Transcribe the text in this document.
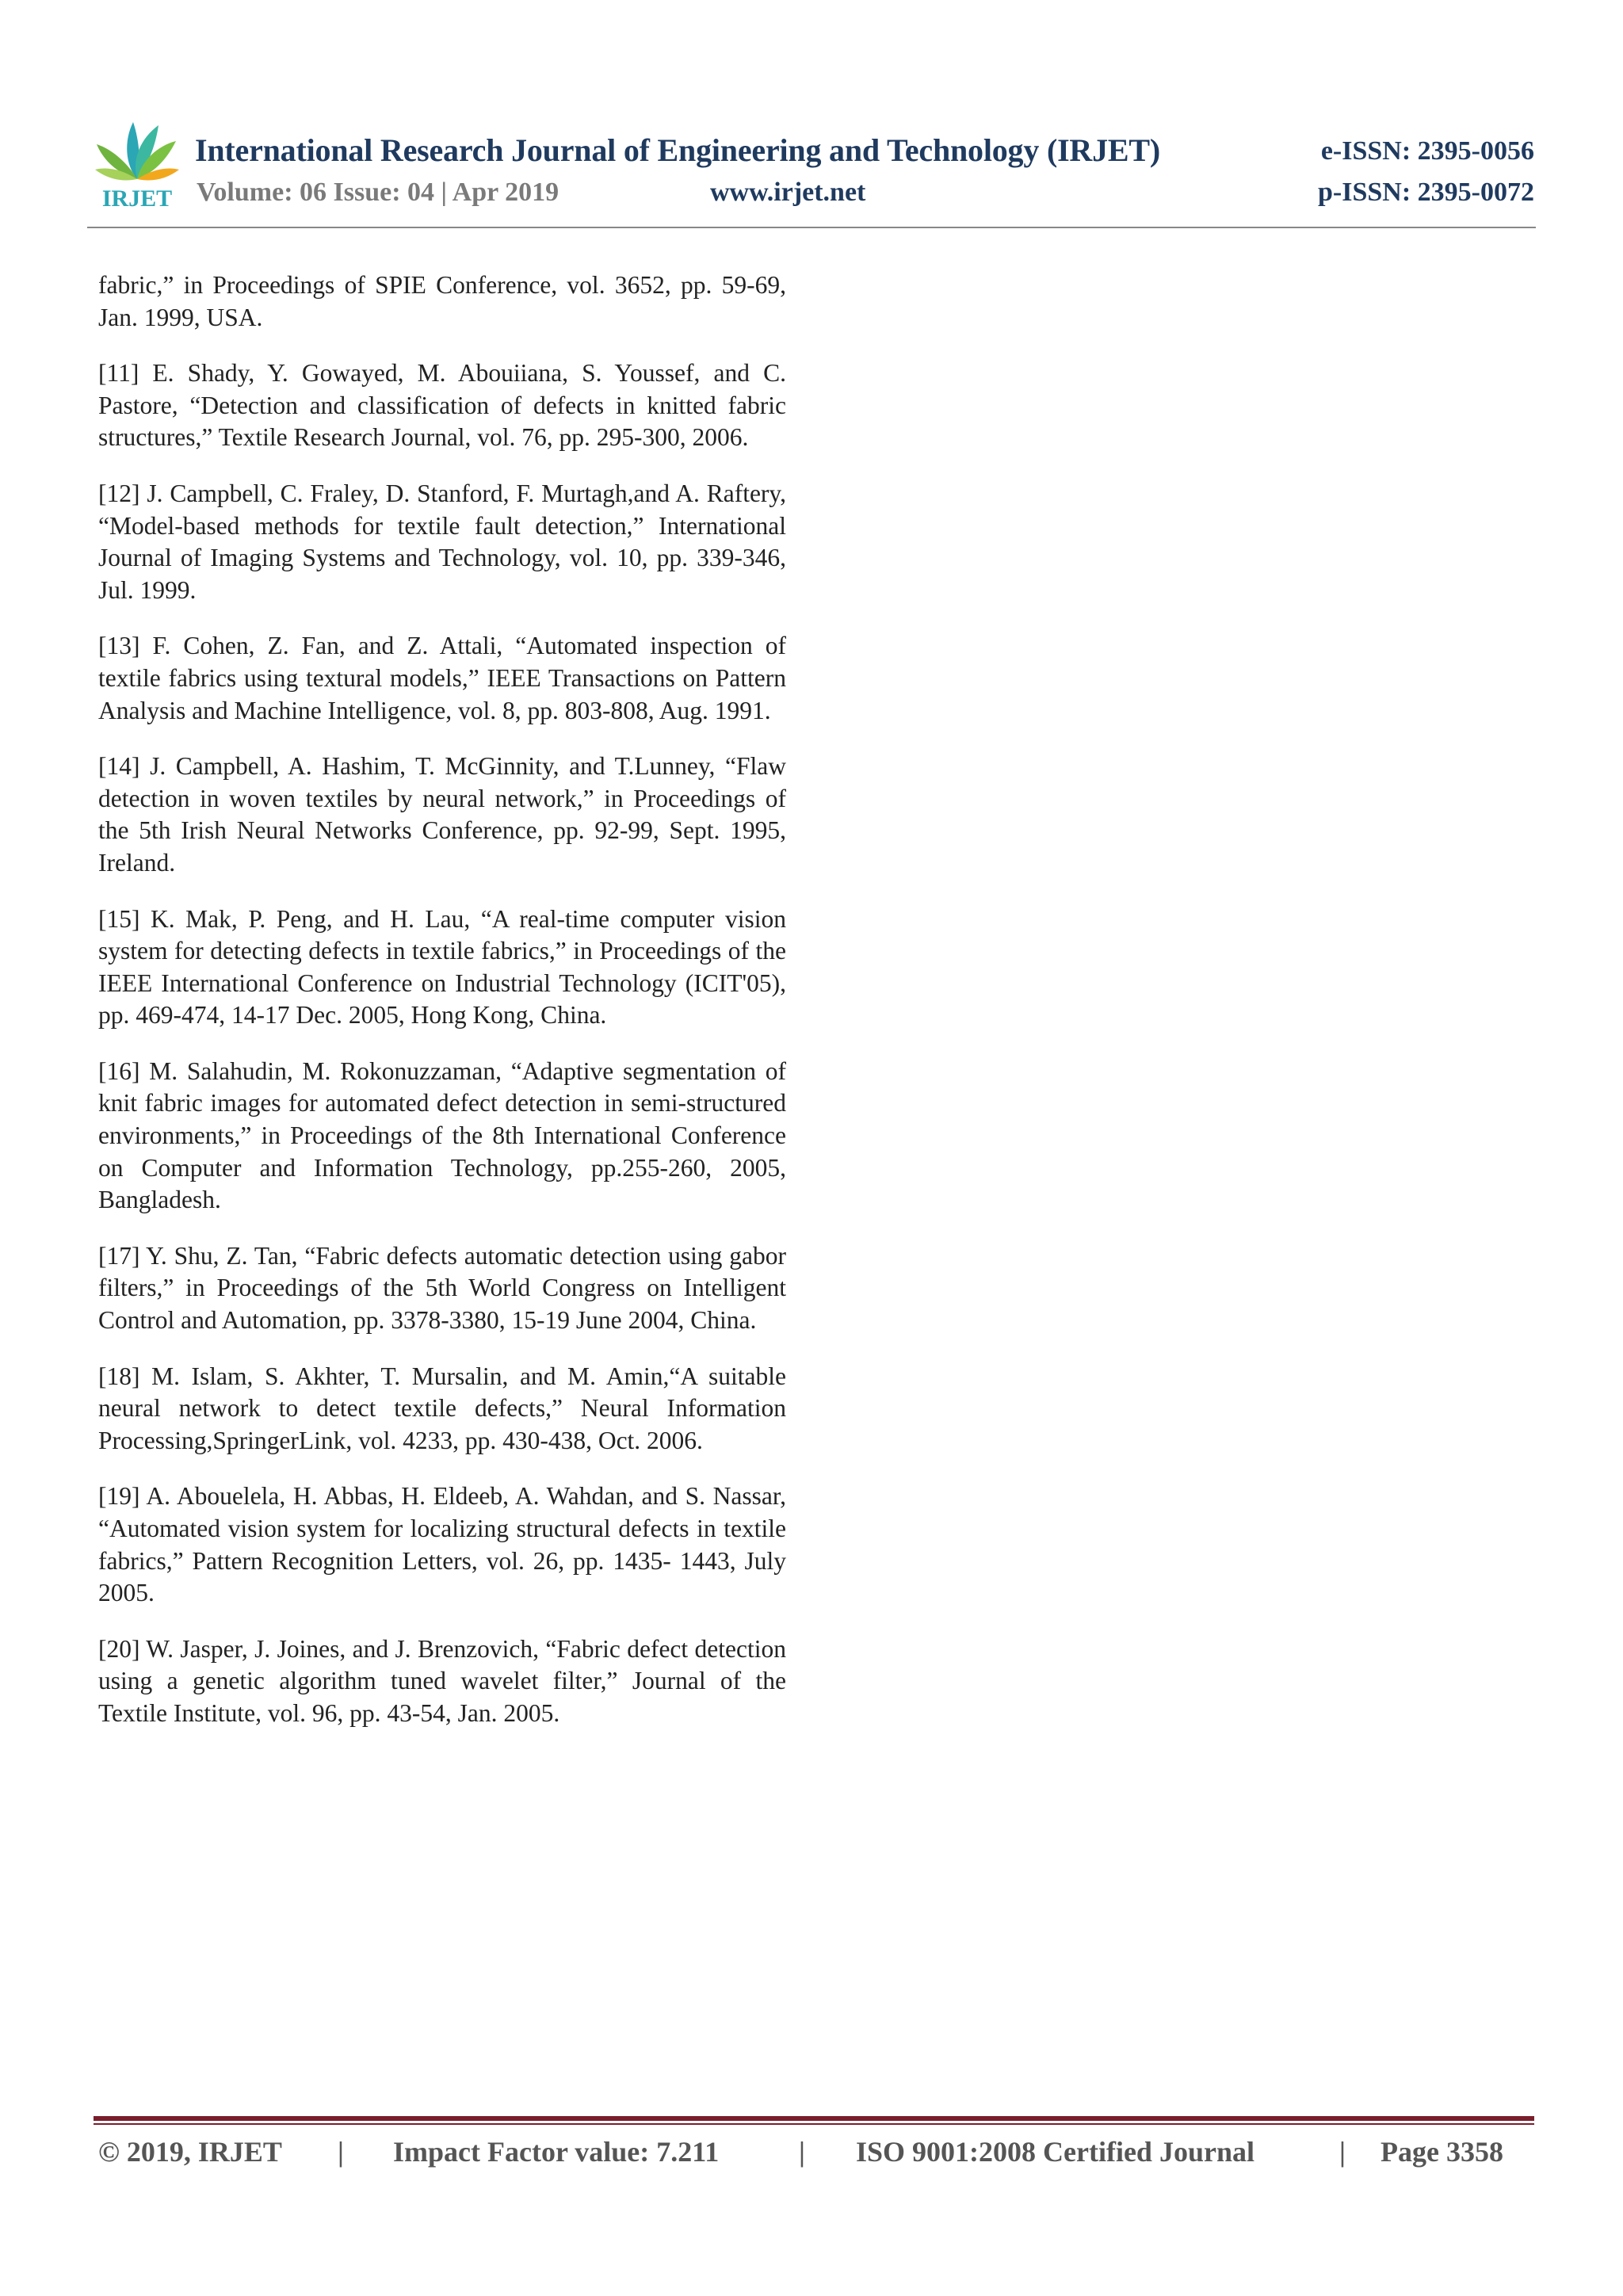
IRJET
International Research Journal of Engineering and Technology (IRJET)	e-ISSN: 2395-0056
Volume: 06 Issue: 04 | Apr 2019	www.irjet.net	p-ISSN: 2395-0072

fabric,” in Proceedings of SPIE Conference, vol. 3652, pp. 59-69, Jan. 1999, USA.

[11] E. Shady, Y. Gowayed, M. Abouiiana, S. Youssef, and C. Pastore, “Detection and classification of defects in knitted fabric structures,” Textile Research Journal, vol. 76, pp. 295-300, 2006.

[12] J. Campbell, C. Fraley, D. Stanford, F. Murtagh,and A. Raftery, “Model-based methods for textile fault detection,” International Journal of Imaging Systems and Technology, vol. 10, pp. 339-346, Jul. 1999.

[13] F. Cohen, Z. Fan, and Z. Attali, “Automated inspection of textile fabrics using textural models,” IEEE Transactions on Pattern Analysis and Machine Intelligence, vol. 8, pp. 803-808, Aug. 1991.

[14] J. Campbell, A. Hashim, T. McGinnity, and T.Lunney, “Flaw detection in woven textiles by neural network,” in Proceedings of the 5th Irish Neural Networks Conference, pp. 92-99, Sept. 1995, Ireland.

[15] K. Mak, P. Peng, and H. Lau, “A real-time computer vision system for detecting defects in textile fabrics,” in Proceedings of the IEEE International Conference on Industrial Technology (ICIT'05), pp. 469-474, 14-17 Dec. 2005, Hong Kong, China.

[16] M. Salahudin, M. Rokonuzzaman, “Adaptive segmentation of knit fabric images for automated defect detection in semi-structured environments,” in Proceedings of the 8th International Conference on Computer and Information Technology, pp.255-260, 2005, Bangladesh.

[17] Y. Shu, Z. Tan, “Fabric defects automatic detection using gabor filters,” in Proceedings of the 5th World Congress on Intelligent Control and Automation, pp. 3378-3380, 15-19 June 2004, China.

[18] M. Islam, S. Akhter, T. Mursalin, and M. Amin,“A suitable neural network to detect textile defects,” Neural Information Processing,SpringerLink, vol. 4233, pp. 430-438, Oct. 2006.

[19] A. Abouelela, H. Abbas, H. Eldeeb, A. Wahdan, and S. Nassar, “Automated vision system for localizing structural defects in textile fabrics,” Pattern Recognition Letters, vol. 26, pp. 1435- 1443, July 2005.

[20] W. Jasper, J. Joines, and J. Brenzovich, “Fabric defect detection using a genetic algorithm tuned wavelet filter,” Journal of the Textile Institute, vol. 96, pp. 43-54, Jan. 2005.

© 2019, IRJET | Impact Factor value: 7.211	| ISO 9001:2008 Certified Journal	| Page 3358
